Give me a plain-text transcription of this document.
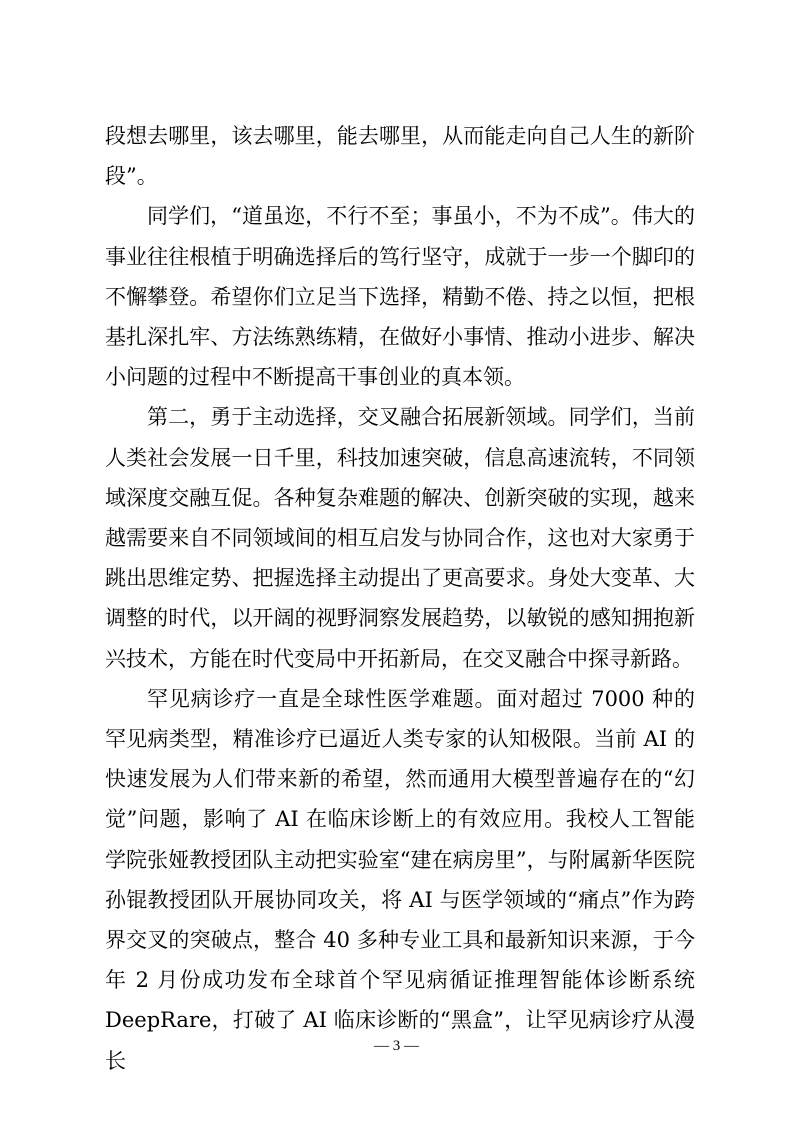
段想去哪里，该去哪里，能去哪里，从而能走向自己人生的新阶段”。

同学们，“道虽迩，不行不至；事虽小，不为不成”。伟大的事业往往根植于明确选择后的笃行坚守，成就于一步一个脚印的不懈攀登。希望你们立足当下选择，精勤不倦、持之以恒，把根基扎深扎牢、方法练熟练精，在做好小事情、推动小进步、解决小问题的过程中不断提高干事创业的真本领。

第二，勇于主动选择，交叉融合拓展新领域。同学们，当前人类社会发展一日千里，科技加速突破，信息高速流转，不同领域深度交融互促。各种复杂难题的解决、创新突破的实现，越来越需要来自不同领域间的相互启发与协同合作，这也对大家勇于跳出思维定势、把握选择主动提出了更高要求。身处大变革、大调整的时代，以开阔的视野洞察发展趋势，以敏锐的感知拥抱新兴技术，方能在时代变局中开拓新局，在交叉融合中探寻新路。

罕见病诊疗一直是全球性医学难题。面对超过 7000 种的罕见病类型，精准诊疗已逼近人类专家的认知极限。当前 AI 的快速发展为人们带来新的希望，然而通用大模型普遍存在的“幻觉”问题，影响了 AI 在临床诊断上的有效应用。我校人工智能学院张娅教授团队主动把实验室“建在病房里”，与附属新华医院孙锟教授团队开展协同攻关，将 AI 与医学领域的“痛点”作为跨界交叉的突破点，整合 40 多种专业工具和最新知识来源，于今年 2 月份成功发布全球首个罕见病循证推理智能体诊断系统 DeepRare，打破了 AI 临床诊断的“黑盒”，让罕见病诊疗从漫长

— 3 —
